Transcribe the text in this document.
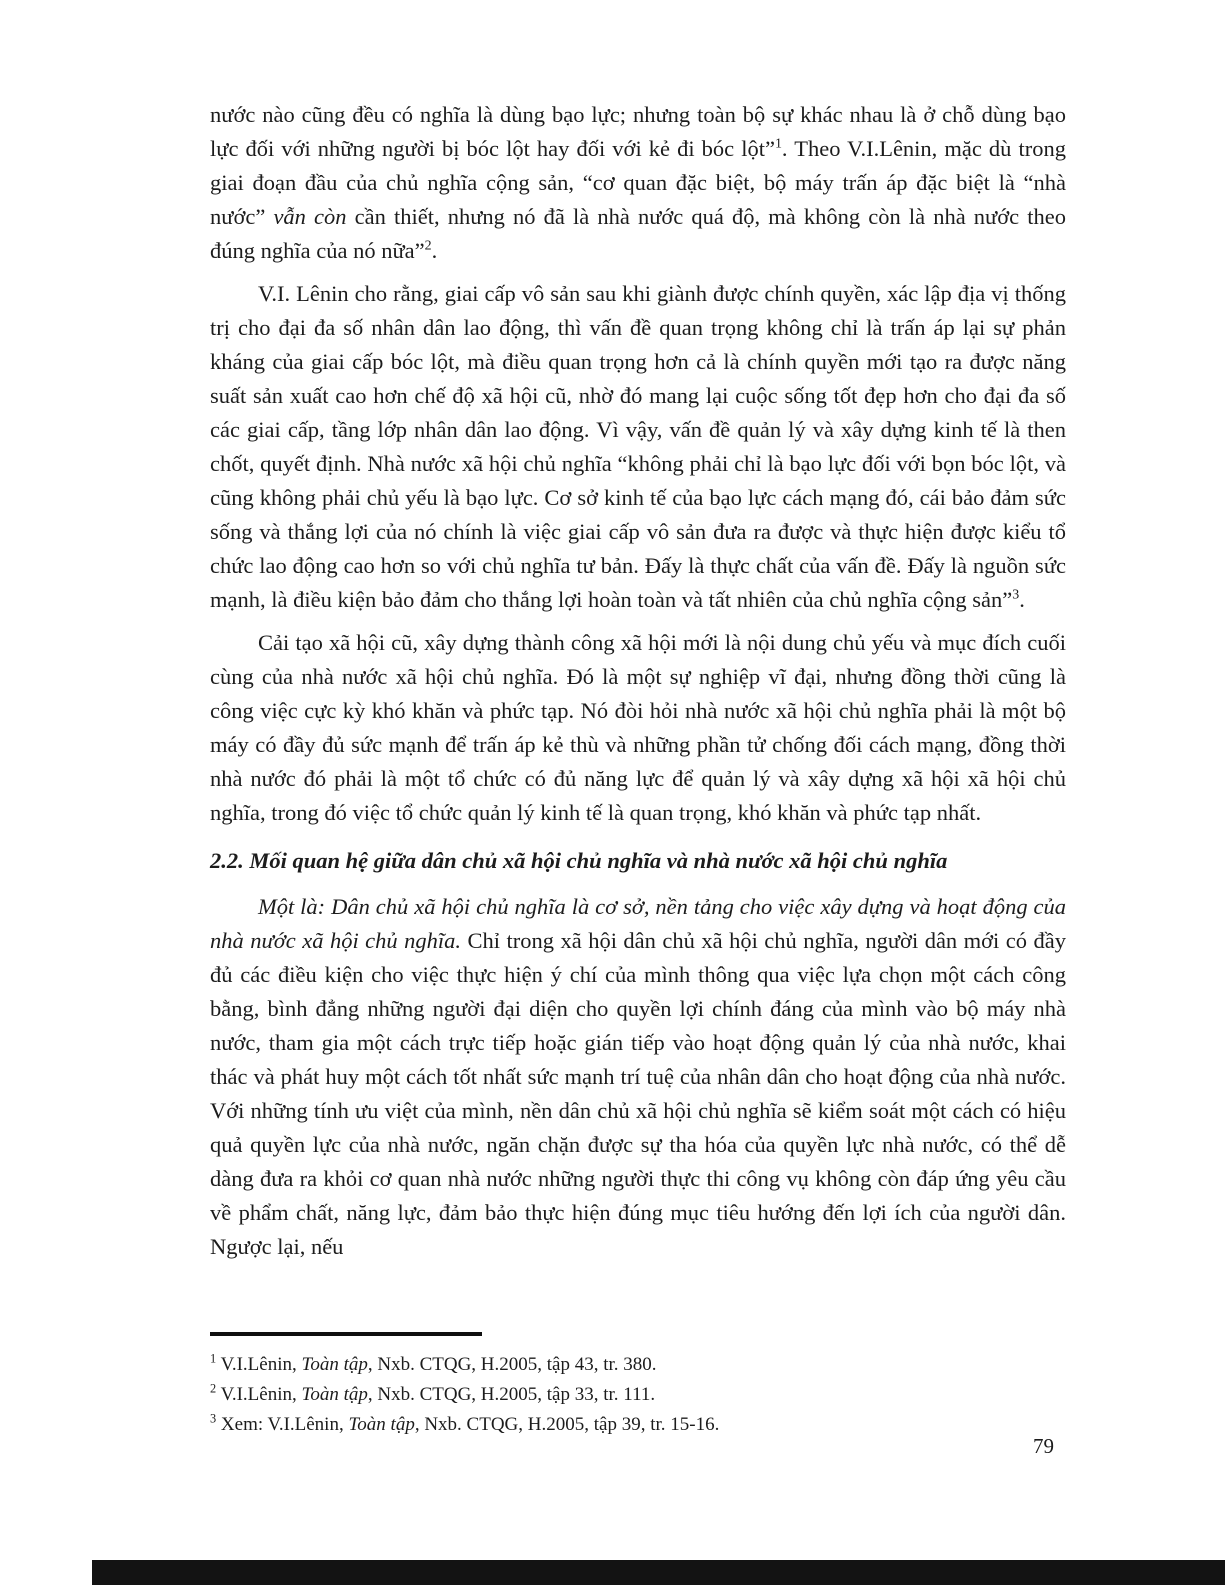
nước nào cũng đều có nghĩa là dùng bạo lực; nhưng toàn bộ sự khác nhau là ở chỗ dùng bạo lực đối với những người bị bóc lột hay đối với kẻ đi bóc lột”$^1$. Theo V.I.Lênin, mặc dù trong giai đoạn đầu của chủ nghĩa cộng sản, “cơ quan đặc biệt, bộ máy trấn áp đặc biệt là “nhà nước” vẫn còn cần thiết, nhưng nó đã là nhà nước quá độ, mà không còn là nhà nước theo đúng nghĩa của nó nữa”$^2$.

V.I. Lênin cho rằng, giai cấp vô sản sau khi giành được chính quyền, xác lập địa vị thống trị cho đại đa số nhân dân lao động, thì vấn đề quan trọng không chỉ là trấn áp lại sự phản kháng của giai cấp bóc lột, mà điều quan trọng hơn cả là chính quyền mới tạo ra được năng suất sản xuất cao hơn chế độ xã hội cũ, nhờ đó mang lại cuộc sống tốt đẹp hơn cho đại đa số các giai cấp, tầng lớp nhân dân lao động. Vì vậy, vấn đề quản lý và xây dựng kinh tế là then chốt, quyết định. Nhà nước xã hội chủ nghĩa “không phải chỉ là bạo lực đối với bọn bóc lột, và cũng không phải chủ yếu là bạo lực. Cơ sở kinh tế của bạo lực cách mạng đó, cái bảo đảm sức sống và thắng lợi của nó chính là việc giai cấp vô sản đưa ra được và thực hiện được kiểu tổ chức lao động cao hơn so với chủ nghĩa tư bản. Đấy là thực chất của vấn đề. Đấy là nguồn sức mạnh, là điều kiện bảo đảm cho thắng lợi hoàn toàn và tất nhiên của chủ nghĩa cộng sản”$^3$.

Cải tạo xã hội cũ, xây dựng thành công xã hội mới là nội dung chủ yếu và mục đích cuối cùng của nhà nước xã hội chủ nghĩa. Đó là một sự nghiệp vĩ đại, nhưng đồng thời cũng là công việc cực kỳ khó khăn và phức tạp. Nó đòi hỏi nhà nước xã hội chủ nghĩa phải là một bộ máy có đầy đủ sức mạnh để trấn áp kẻ thù và những phần tử chống đối cách mạng, đồng thời nhà nước đó phải là một tổ chức có đủ năng lực để quản lý và xây dựng xã hội xã hội chủ nghĩa, trong đó việc tổ chức quản lý kinh tế là quan trọng, khó khăn và phức tạp nhất.

2.2. Mối quan hệ giữa dân chủ xã hội chủ nghĩa và nhà nước xã hội chủ nghĩa

Một là: Dân chủ xã hội chủ nghĩa là cơ sở, nền tảng cho việc xây dựng và hoạt động của nhà nước xã hội chủ nghĩa. Chỉ trong xã hội dân chủ xã hội chủ nghĩa, người dân mới có đầy đủ các điều kiện cho việc thực hiện ý chí của mình thông qua việc lựa chọn một cách công bằng, bình đẳng những người đại diện cho quyền lợi chính đáng của mình vào bộ máy nhà nước, tham gia một cách trực tiếp hoặc gián tiếp vào hoạt động quản lý của nhà nước, khai thác và phát huy một cách tốt nhất sức mạnh trí tuệ của nhân dân cho hoạt động của nhà nước. Với những tính ưu việt của mình, nền dân chủ xã hội chủ nghĩa sẽ kiểm soát một cách có hiệu quả quyền lực của nhà nước, ngăn chặn được sự tha hóa của quyền lực nhà nước, có thể dễ dàng đưa ra khỏi cơ quan nhà nước những người thực thi công vụ không còn đáp ứng yêu cầu về phẩm chất, năng lực, đảm bảo thực hiện đúng mục tiêu hướng đến lợi ích của người dân. Ngược lại, nếu

$^1$ V.I.Lênin, Toàn tập, Nxb. CTQG, H.2005, tập 43, tr. 380.
$^2$ V.I.Lênin, Toàn tập, Nxb. CTQG, H.2005, tập 33, tr. 111.
$^3$ Xem: V.I.Lênin, Toàn tập, Nxb. CTQG, H.2005, tập 39, tr. 15-16.
79
